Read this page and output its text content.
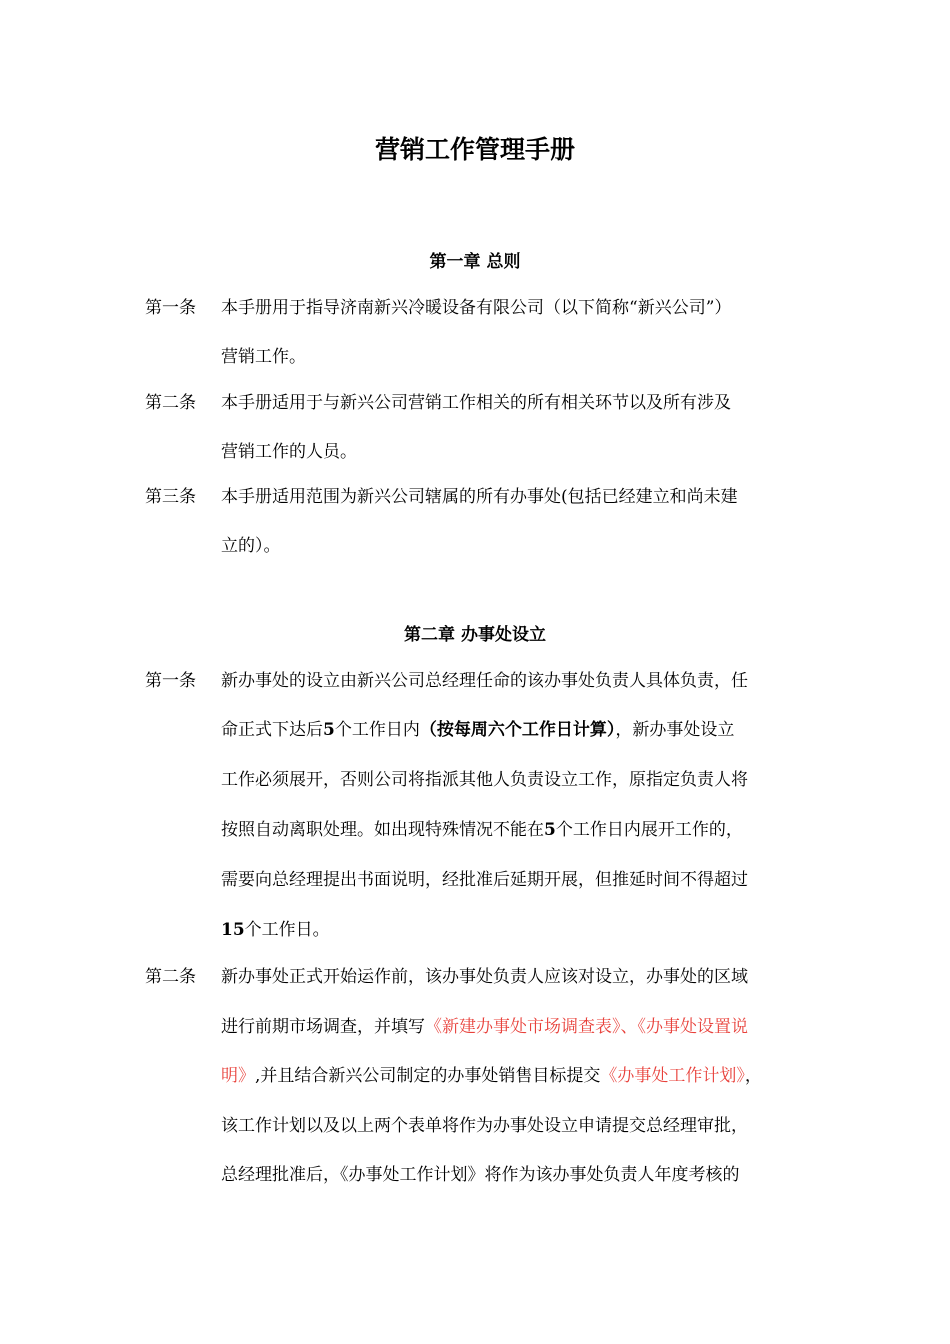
营销工作管理手册
第一章 总则
第一条 本手册用于指导济南新兴冷暖设备有限公司（以下简称“新兴公司”）
营销工作。
第二条 本手册适用于与新兴公司营销工作相关的所有相关环节以及所有涉及
营销工作的人员。
第三条 本手册适用范围为新兴公司辖属的所有办事处(包括已经建立和尚未建
立的）。
第二章 办事处设立
第一条 新办事处的设立由新兴公司总经理任命的该办事处负责人具体负责，任
命正式下达后5个工作日内（按每周六个工作日计算），新办事处设立
工作必须展开，否则公司将指派其他人负责设立工作，原指定负责人将
按照自动离职处理。如出现特殊情况不能在5个工作日内展开工作的，
需要向总经理提出书面说明，经批准后延期开展，但推延时间不得超过
15个工作日。
第二条 新办事处正式开始运作前，该办事处负责人应该对设立，办事处的区域
进行前期市场调查，并填写《新建办事处市场调查表》、《办事处设置说
明》,并且结合新兴公司制定的办事处销售目标提交《办事处工作计划》，
该工作计划以及以上两个表单将作为办事处设立申请提交总经理审批，
总经理批准后，《办事处工作计划》将作为该办事处负责人年度考核的
